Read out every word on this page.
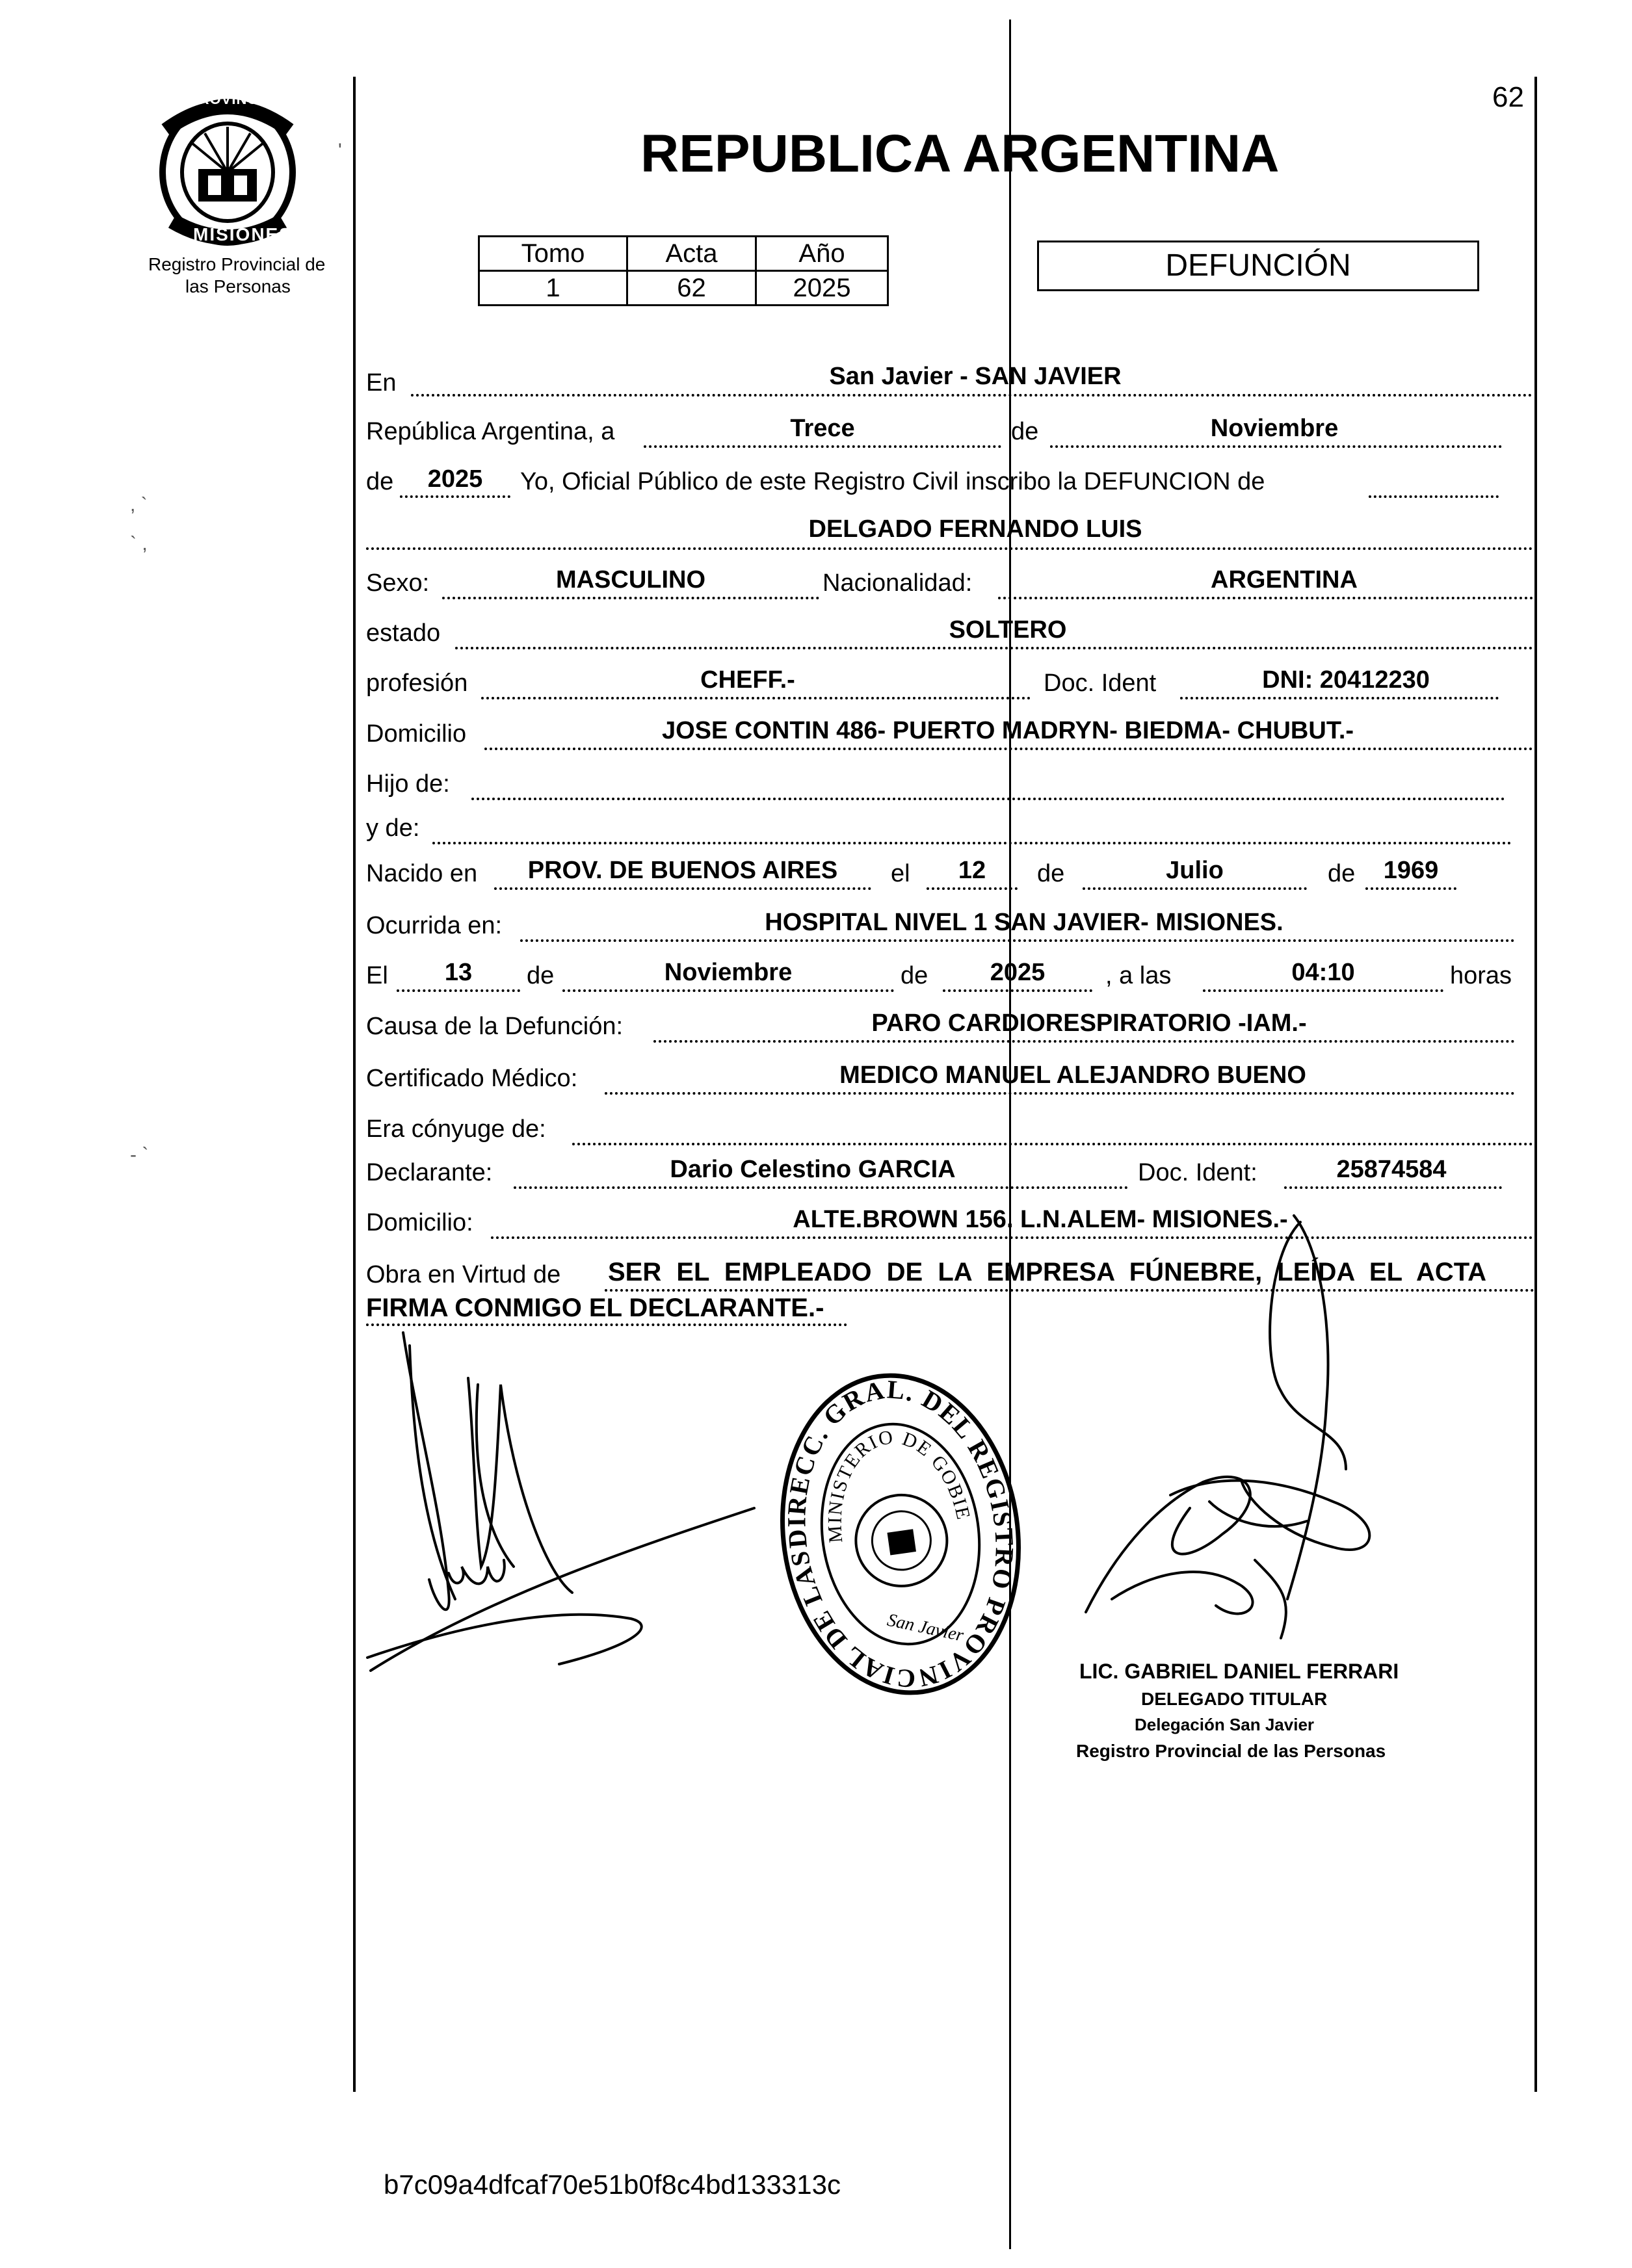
PROVINCIA DE
MISIONES
Registro Provincial de
las Personas
62
REPUBLICA ARGENTINA
Tomo	Acta	Año
1	62	2025
DEFUNCIÓN
En	San Javier - SAN JAVIER
República Argentina, a	Trece	de	Noviembre
de	2025	Yo, Oficial Público de este Registro Civil inscribo la DEFUNCION de
DELGADO FERNANDO LUIS
Sexo:	MASCULINO	Nacionalidad:	ARGENTINA
estado	SOLTERO
profesión	CHEFF.-	Doc. Ident	DNI: 20412230
Domicilio	JOSE CONTIN 486- PUERTO MADRYN- BIEDMA- CHUBUT.-
Hijo de:
y de:
Nacido en	PROV. DE BUENOS AIRES	el	12	de	Julio	de	1969
Ocurrida en:	HOSPITAL NIVEL 1 SAN JAVIER- MISIONES.
El	13	de	Noviembre	de	2025	, a las	04:10	horas
Causa de la Defunción:	PARO CARDIORESPIRATORIO -IAM.-
Certificado Médico:	MEDICO MANUEL ALEJANDRO BUENO
Era cónyuge de:
Declarante:	Dario Celestino GARCIA	Doc. Ident:	25874584
Domicilio:	ALTE.BROWN 156. L.N.ALEM- MISIONES.-
Obra en Virtud de SER EL EMPLEADO DE LA EMPRESA FÚNEBRE, LEÍDA EL ACTA
FIRMA CONMIGO EL DECLARANTE.-
DIRECC. GRAL. DEL REGISTRO PROVINCIAL DE LAS
MINISTERIO DE GOBIERNO
San Javier
LIC. GABRIEL DANIEL FERRARI
DELEGADO TITULAR
Delegación San Javier
Registro Provincial de las Personas
b7c09a4dfcaf70e51b0f8c4bd133313c
'
, `
` ,
- `
